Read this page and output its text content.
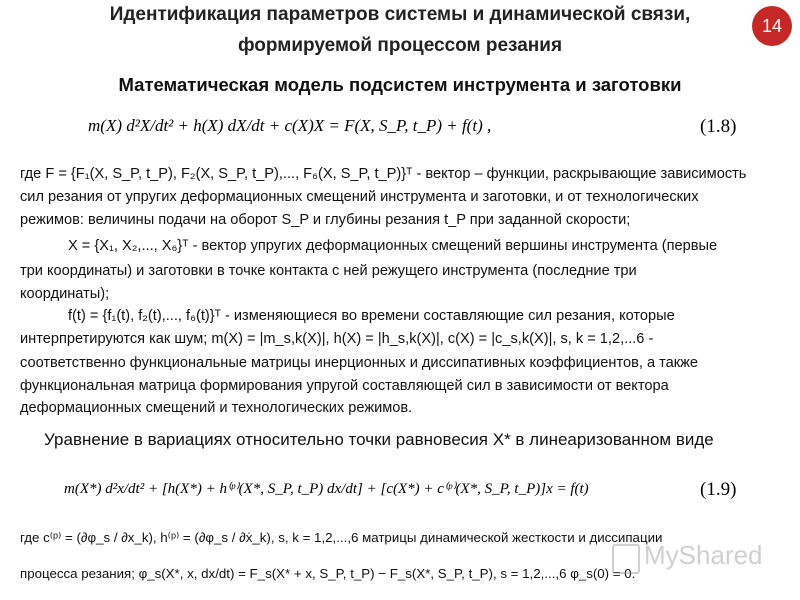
Идентификация параметров системы и динамической связи,
формируемой процессом резания
14
Математическая модель подсистем инструмента и заготовки
m(X) d²X/dt² + h(X) dX/dt + c(X)X = F(X, S_P, t_P) + f(t) ,	(1.8)
где F = {F₁(X, S_P, t_P), F₂(X, S_P, t_P),..., F₆(X, S_P, t_P)}ᵀ - вектор – функции, раскрывающие зависимость
сил резания от упругих деформационных смещений инструмента и заготовки, и от технологических
режимов: величины подачи на оборот S_P и глубины резания t_P при заданной скорости;
X = {X₁, X₂,..., X₆}ᵀ - вектор упругих деформационных смещений вершины инструмента (первые
три координаты) и заготовки в точке контакта с ней режущего инструмента (последние три
координаты);
f(t) = {f₁(t), f₂(t),..., f₆(t)}ᵀ - изменяющиеся во времени составляющие сил резания, которые
интерпретируются как шум; m(X) = |m_s,k(X)|, h(X) = |h_s,k(X)|, c(X) = |c_s,k(X)|, s, k = 1,2,...6 -
соответственно функциональные матрицы инерционных и диссипативных коэффициентов, а также
функциональная матрица формирования упругой составляющей сил в зависимости от вектора
деформационных смещений и технологических режимов.
Уравнение в вариациях относительно точки равновесия X* в линеаризованном виде
m(X*) d²x/dt² + [h(X*) + h⁽ᵖ⁾(X*, S_P, t_P) dx/dt] + [c(X*) + c⁽ᵖ⁾(X*, S_P, t_P)]x = f(t)	(1.9)
где c⁽ᵖ⁾ = (∂φ_s / ∂x_k), h⁽ᵖ⁾ = (∂φ_s / ∂ẋ_k), s, k = 1,2,...,6 матрицы динамической жесткости и диссипации
процесса резания; φ_s(X*, x, dx/dt) = F_s(X* + x, S_P, t_P) − F_s(X*, S_P, t_P), s = 1,2,...,6 φ_s(0) = 0.
MyShared
